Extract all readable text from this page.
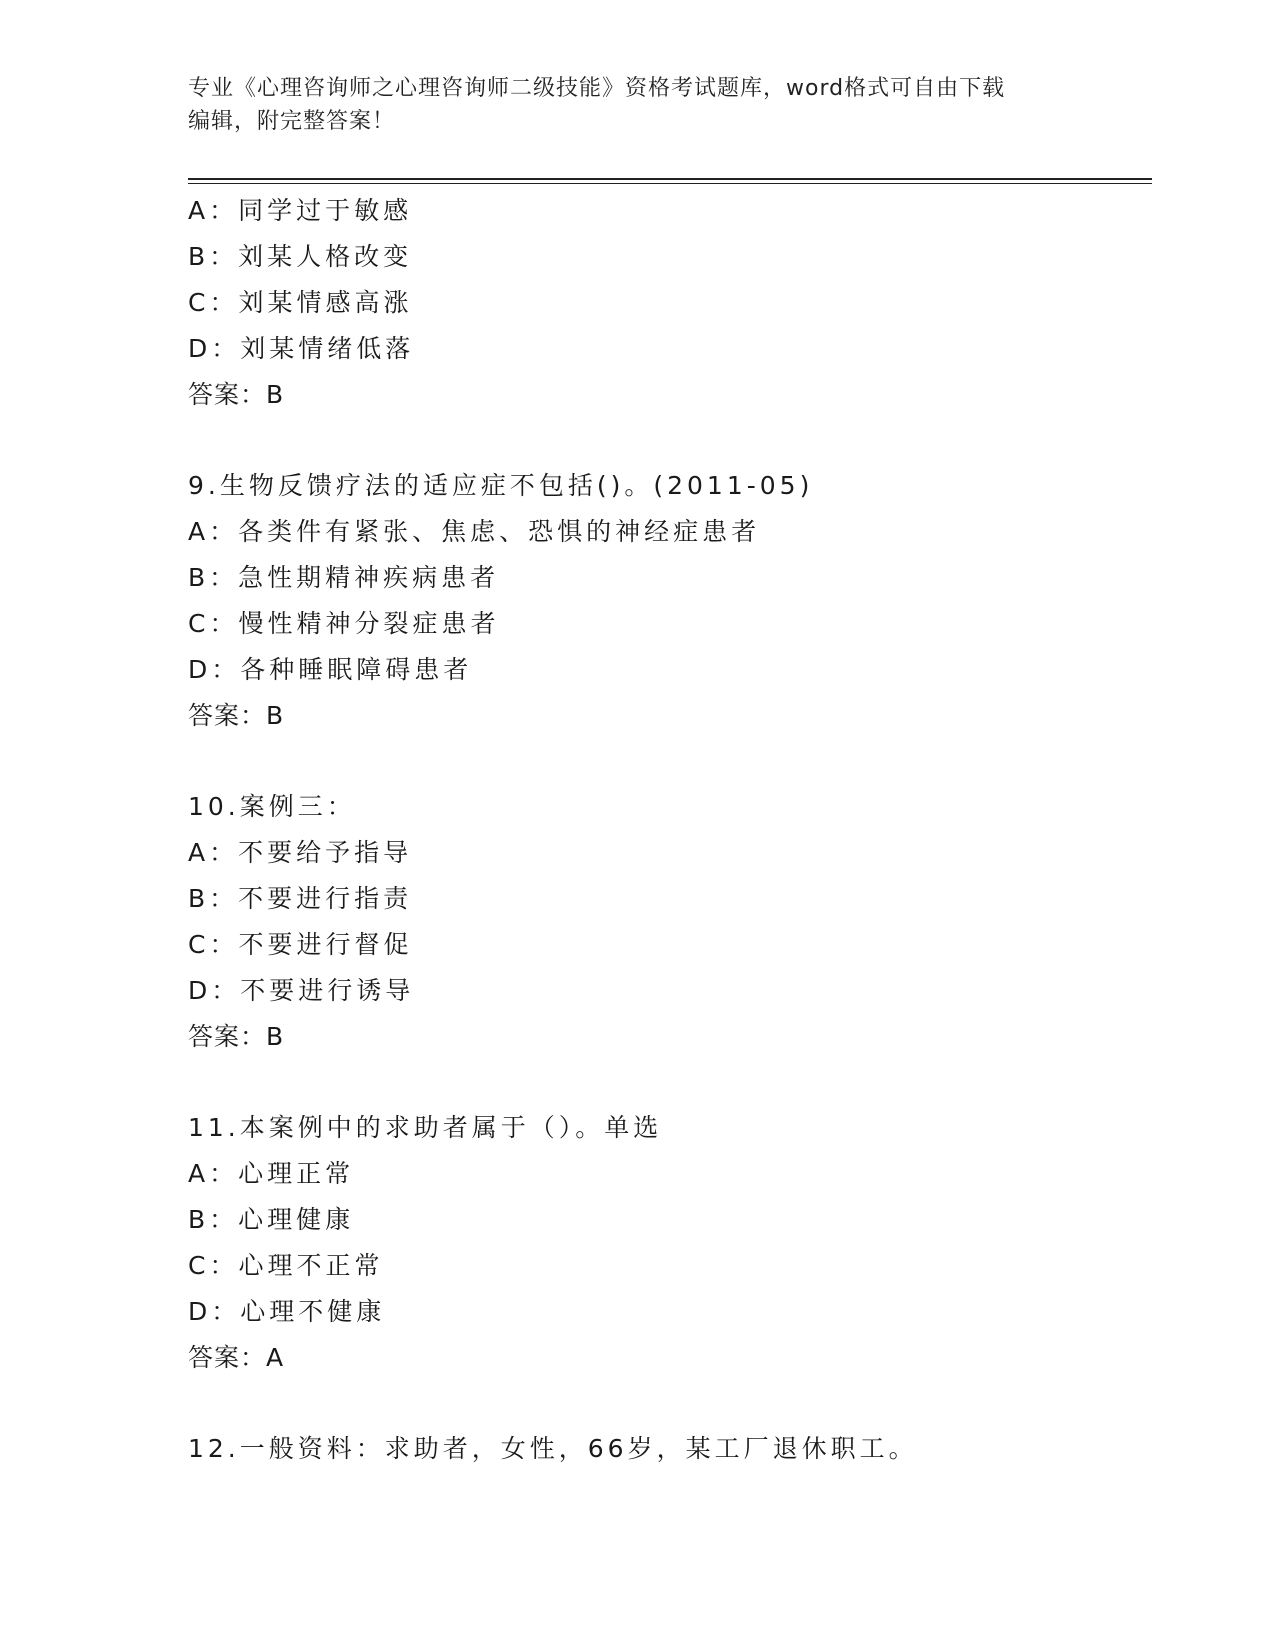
专业《心理咨询师之心理咨询师二级技能》资格考试题库，word格式可自由下载
编辑，附完整答案！
A：同学过于敏感
B：刘某人格改变
C：刘某情感高涨
D：刘某情绪低落
答案：B
9.生物反馈疗法的适应症不包括()。(2011-05)
A：各类件有紧张、焦虑、恐惧的神经症患者
B：急性期精神疾病患者
C：慢性精神分裂症患者
D：各种睡眠障碍患者
答案：B
10.案例三：
A：不要给予指导
B：不要进行指责
C：不要进行督促
D：不要进行诱导
答案：B
11.本案例中的求助者属于（）。单选
A：心理正常
B：心理健康
C：心理不正常
D：心理不健康
答案：A
12.一般资料：求助者，女性，66岁，某工厂退休职工。
